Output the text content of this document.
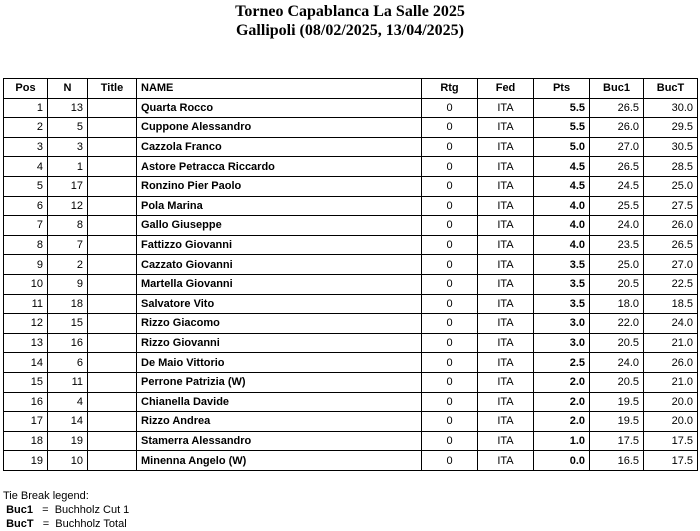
Torneo Capablanca La Salle 2025
Gallipoli (08/02/2025, 13/04/2025)
Pos	N	Title	NAME	Rtg	Fed	Pts	Buc1	BucT
1	13		Quarta Rocco	0	ITA	5.5	26.5	30.0
2	5		Cuppone Alessandro	0	ITA	5.5	26.0	29.5
3	3		Cazzola Franco	0	ITA	5.0	27.0	30.5
4	1		Astore Petracca Riccardo	0	ITA	4.5	26.5	28.5
5	17		Ronzino Pier Paolo	0	ITA	4.5	24.5	25.0
6	12		Pola Marina	0	ITA	4.0	25.5	27.5
7	8		Gallo Giuseppe	0	ITA	4.0	24.0	26.0
8	7		Fattizzo Giovanni	0	ITA	4.0	23.5	26.5
9	2		Cazzato Giovanni	0	ITA	3.5	25.0	27.0
10	9		Martella Giovanni	0	ITA	3.5	20.5	22.5
11	18		Salvatore Vito	0	ITA	3.5	18.0	18.5
12	15		Rizzo Giacomo	0	ITA	3.0	22.0	24.0
13	16		Rizzo Giovanni	0	ITA	3.0	20.5	21.0
14	6		De Maio Vittorio	0	ITA	2.5	24.0	26.0
15	11		Perrone Patrizia (W)	0	ITA	2.0	20.5	21.0
16	4		Chianella Davide	0	ITA	2.0	19.5	20.0
17	14		Rizzo Andrea	0	ITA	2.0	19.5	20.0
18	19		Stamerra Alessandro	0	ITA	1.0	17.5	17.5
19	10		Minenna Angelo (W)	0	ITA	0.0	16.5	17.5
Tie Break legend:
Buc1 = Buchholz Cut 1
BucT = Buchholz Total
